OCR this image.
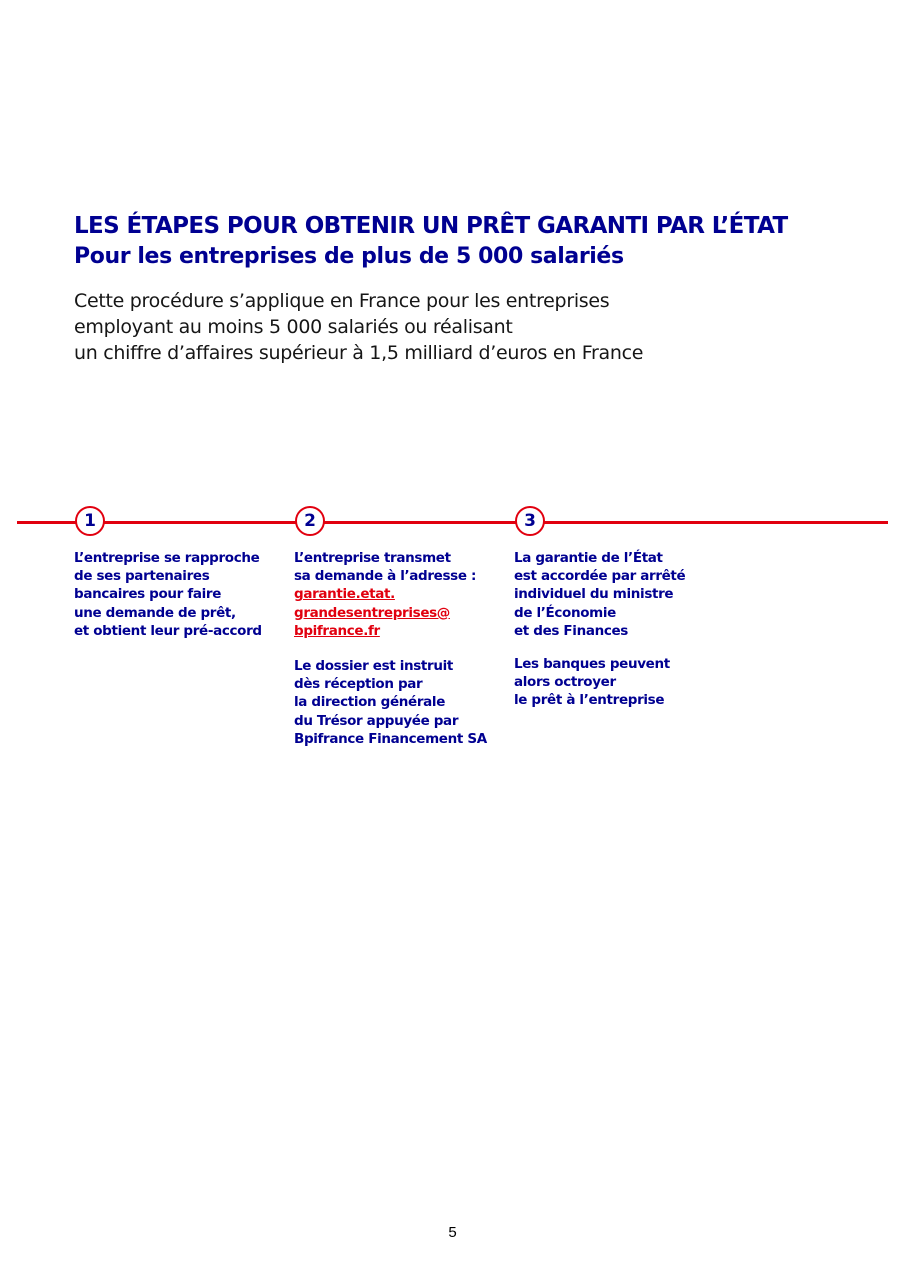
LES ÉTAPES POUR OBTENIR UN PRÊT GARANTI PAR L’ÉTAT
Pour les entreprises de plus de 5 000 salariés
Cette procédure s’applique en France pour les entreprises
employant au moins 5 000 salariés ou réalisant
un chiffre d’affaires supérieur à 1,5 milliard d’euros en France
1
L’entreprise se rapproche
de ses partenaires
bancaires pour faire
une demande de prêt,
et obtient leur pré-accord
2
L’entreprise transmet
sa demande à l’adresse :
garantie.etat.
grandesentreprises@
bpifrance.fr
Le dossier est instruit
dès réception par
la direction générale
du Trésor appuyée par
Bpifrance Financement SA
3
La garantie de l’État
est accordée par arrêté
individuel du ministre
de l’Économie
et des Finances
Les banques peuvent
alors octroyer
le prêt à l’entreprise
5
